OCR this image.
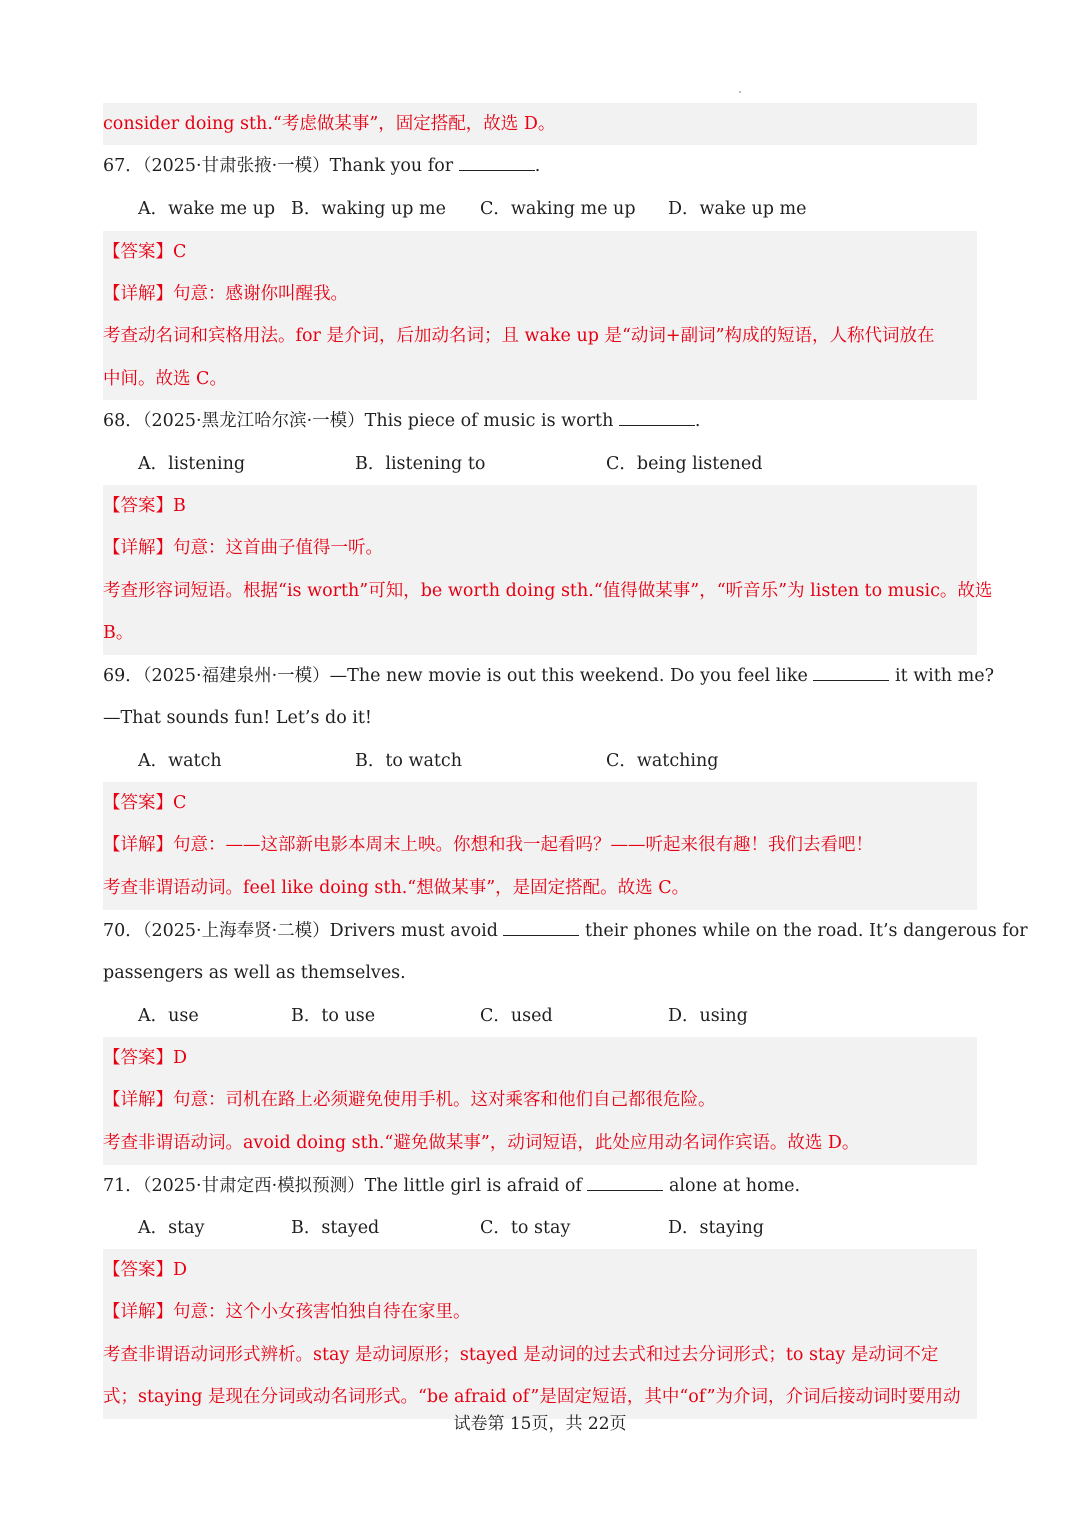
consider doing sth.“考虑做某事”，固定搭配，故选 D。
67．（2025·甘肃张掖·一模）Thank you for	.
A．wake me up B．waking up me C．waking me up D．wake up me
【答案】C
【详解】句意：感谢你叫醒我。
考查动名词和宾格用法。for 是介词，后加动名词；且 wake up 是“动词+副词”构成的短语，人称代词放在
中间。故选 C。
68．（2025·黑龙江哈尔滨·一模）This piece of music is worth	.
A．listening	B．listening to	C．being listened
【答案】B
【详解】句意：这首曲子值得一听。
考查形容词短语。根据“is worth”可知，be worth doing sth.“值得做某事”，“听音乐”为 listen to music。故选
B。
69．（2025·福建泉州·一模）—The new movie is out this weekend. Do you feel like	it with me?
—That sounds fun! Let’s do it!
A．watch	B．to watch	C．watching
【答案】C
【详解】句意：——这部新电影本周末上映。你想和我一起看吗？——听起来很有趣！我们去看吧！
考查非谓语动词。feel like doing sth.“想做某事”，是固定搭配。故选 C。
70．（2025·上海奉贤·二模）Drivers must avoid	their phones while on the road. It’s dangerous for
passengers as well as themselves.
A．use	B．to use	C．used	D．using
【答案】D
【详解】句意：司机在路上必须避免使用手机。这对乘客和他们自己都很危险。
考查非谓语动词。avoid doing sth.“避免做某事”，动词短语，此处应用动名词作宾语。故选 D。
71．（2025·甘肃定西·模拟预测）The little girl is afraid of	alone at home.
A．stay	B．stayed	C．to stay	D．staying
【答案】D
【详解】句意：这个小女孩害怕独自待在家里。
考查非谓语动词形式辨析。stay 是动词原形；stayed 是动词的过去式和过去分词形式；to stay 是动词不定
式；staying 是现在分词或动名词形式。“be afraid of”是固定短语，其中“of”为介词，介词后接动词时要用动
试卷第 15页，共 22页
